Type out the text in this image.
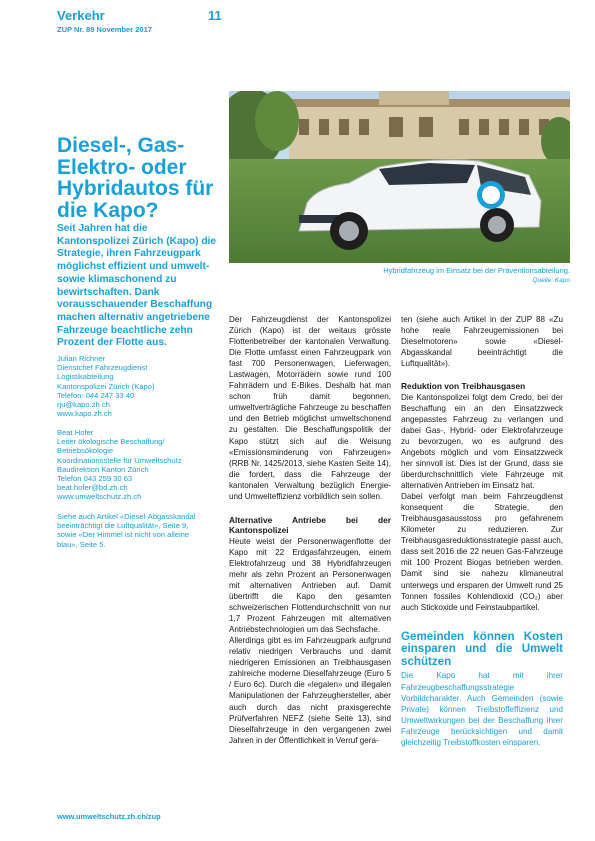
Verkehr	11
ZUP Nr. 89 November 2017
Hybridfahrzeug im Einsatz bei der Präventionsabteilung.
Quelle: Kapo
Diesel-, Gas-Elektro- oder Hybridautos für die Kapo?

Seit Jahren hat die Kantonspolizei Zürich (Kapo) die Strategie, ihren Fahrzeugpark möglichst effizient und umwelt- sowie klimaschonend zu bewirtschaften. Dank vorausschauender Beschaffung machen alternativ angetriebene Fahrzeuge beachtliche zehn Prozent der Flotte aus.

Julian Richner
Dienstchef Fahrzeugdienst
Logistikabteilung
Kantonspolizei Zürich (Kapo)
Telefon: 044 247 33 40
rju@kapo.zh.ch
www.kapo.zh.ch
Beat Hofer
Leiter ökologische Beschaffung/
Betriebsökologie
Koordinationsstelle für Umweltschutz
Baudirektion Kanton Zürich
Telefon 043 259 30 63
beat.hofer@bd.zh.ch
www.umweltschutz.zh.ch
Siehe auch Artikel «Diesel-Abgasskandal
beeinträchtigt die Luftqualität», Seite 9,
sowie «Der Himmel ist nicht von alleine
blau», Seite 5.

Der Fahrzeugdienst der Kantonspolizei Zürich (Kapo) ist der weitaus grösste Flottenbetreiber der kantonalen Verwaltung. Die Flotte umfasst einen Fahrzeugpark von fast 700 Personenwagen, Lieferwagen, Lastwagen, Motorrädern sowie rund 100 Fahrrädern und E-Bikes. Deshalb hat man schon früh damit begonnen, umweltverträgliche Fahrzeuge zu beschaffen und den Betrieb möglichst umweltschonend zu gestalten. Die Beschaffungspolitik der Kapo stützt sich auf die Weisung «Emissionsminderung von Fahrzeugen» (RRB Nr. 1425/2013, siehe Kasten Seite 14), die fordert, dass die Fahrzeuge der kantonalen Verwaltung bezüglich Energie- und Umwelteffizienz vorbildlich sein sollen.

Alternative Antriebe bei der Kantonspolizei

Heute weist der Personenwagenflotte der Kapo mit 22 Erdgasfahrzeugen, einem Elektrofahrzeug und 38 Hybridfahrzeugen mehr als zehn Prozent an Personenwagen mit alternativen Antrieben auf. Damit übertrifft die Kapo den gesamten schweizerischen Flottendurchschnitt von nur 1,7 Prozent Fahrzeugen mit alternativen Antriebstechnologien um das Sechsfache.

Allerdings gibt es im Fahrzeugpark aufgrund relativ niedrigen Verbrauchs und damit niedrigeren Emissionen an Treibhausgasen zahlreiche moderne Dieselfahrzeuge (Euro 5 / Euro 6c). Durch die «legalen» und illegalen Manipulationen der Fahrzeughersteller, aber auch durch das nicht praxisgerechte Prüfverfahren NEFZ (siehe Seite 13), sind Dieselfahrzeuge in den vergangenen zwei Jahren in der Öffentlichkeit in Verruf gera-

ten (siehe auch Artikel in der ZUP 88 «Zu hohe reale Fahrzeugemissionen bei Dieselmotoren» sowie «Diesel-Abgasskandal beeinträchtigt die Luftqualität»).

Reduktion von Treibhausgasen

Die Kantonspolizei folgt dem Credo, bei der Beschaffung ein an den Einsatzzweck angepasstes Fahrzeug zu verlangen und dabei Gas-, Hybrid- oder Elektrofahrzeuge zu bevorzugen, wo es aufgrund des Angebots möglich und vom Einsatzzweck her sinnvoll ist. Dies ist der Grund, dass sie überdurchschnittlich viele Fahrzeuge mit alternativen Antrieben im Einsatz hat.

Dabei verfolgt man beim Fahrzeugdienst konsequent die Strategie, den Treibhausgasausstoss pro gefahrenem Kilometer zu reduzieren. Zur Treibhausgasreduktionsstrategie passt auch, dass seit 2016 die 22 neuen Gas-Fahrzeuge mit 100 Prozent Biogas betrieben werden. Damit sind sie nahezu klimaneutral unterwegs und ersparen der Umwelt rund 25 Tonnen fossiles Kohlendioxid (CO₂) aber auch Stickoxide und Feinstaubpartikel.

Gemeinden können Kosten einsparen und die Umwelt schützen

Die Kapo hat mit ihrer Fahrzeugbeschaffungsstrategie Vorbildcharakter. Auch Gemeinden (sowie Private) können Treibstoffeffizienz und Umweltwirkungen bei der Beschaffung ihrer Fahrzeuge berücksichtigen und damit gleichzeitig Treibstoffkosten einsparen.

www.umweltschutz.zh.ch/zup
